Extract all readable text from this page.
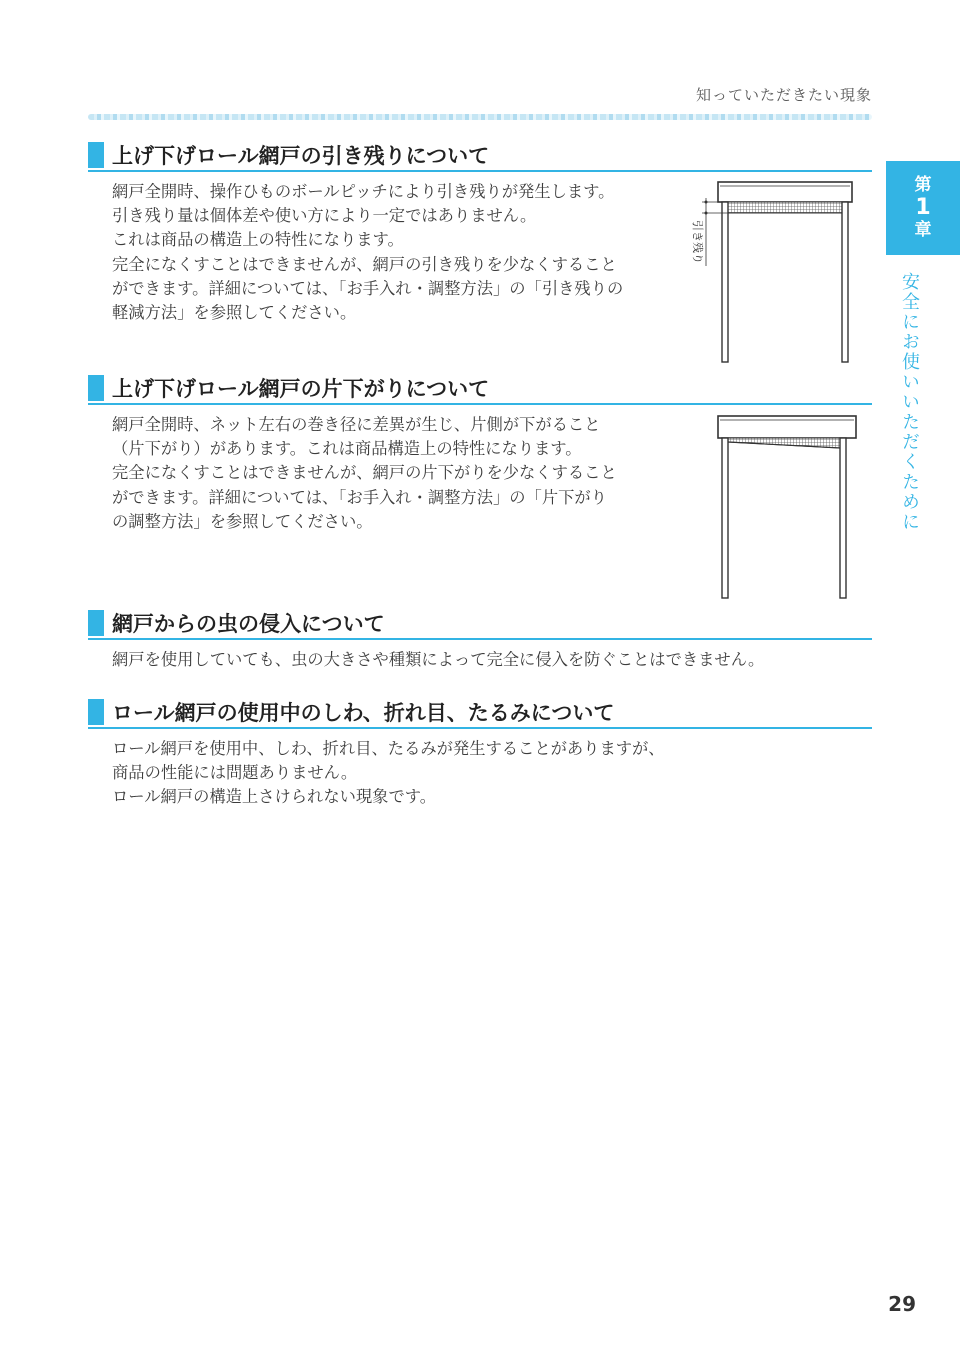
知っていただきたい現象
第
1
章
安全にお使いいただくために
上げ下げロール網戸の引き残りについて

網戸全開時、操作ひものボールピッチにより引き残りが発生します。

引き残り量は個体差や使い方により一定ではありません。

これは商品の構造上の特性になります。

完全になくすことはできませんが、網戸の引き残りを少なくすること

ができます。詳細については、「お手入れ・調整方法」の「引き残りの

軽減方法」を参照してください。

引き残り
上げ下げロール網戸の片下がりについて

網戸全開時、ネット左右の巻き径に差異が生じ、片側が下がること

（片下がり）があります。これは商品構造上の特性になります。

完全になくすことはできませんが、網戸の片下がりを少なくすること

ができます。詳細については、「お手入れ・調整方法」の「片下がり

の調整方法」を参照してください。

網戸からの虫の侵入について

網戸を使用していても、虫の大きさや種類によって完全に侵入を防ぐことはできません。

ロール網戸の使用中のしわ、折れ目、たるみについて

ロール網戸を使用中、しわ、折れ目、たるみが発生することがありますが、

商品の性能には問題ありません。

ロール網戸の構造上さけられない現象です。

29
